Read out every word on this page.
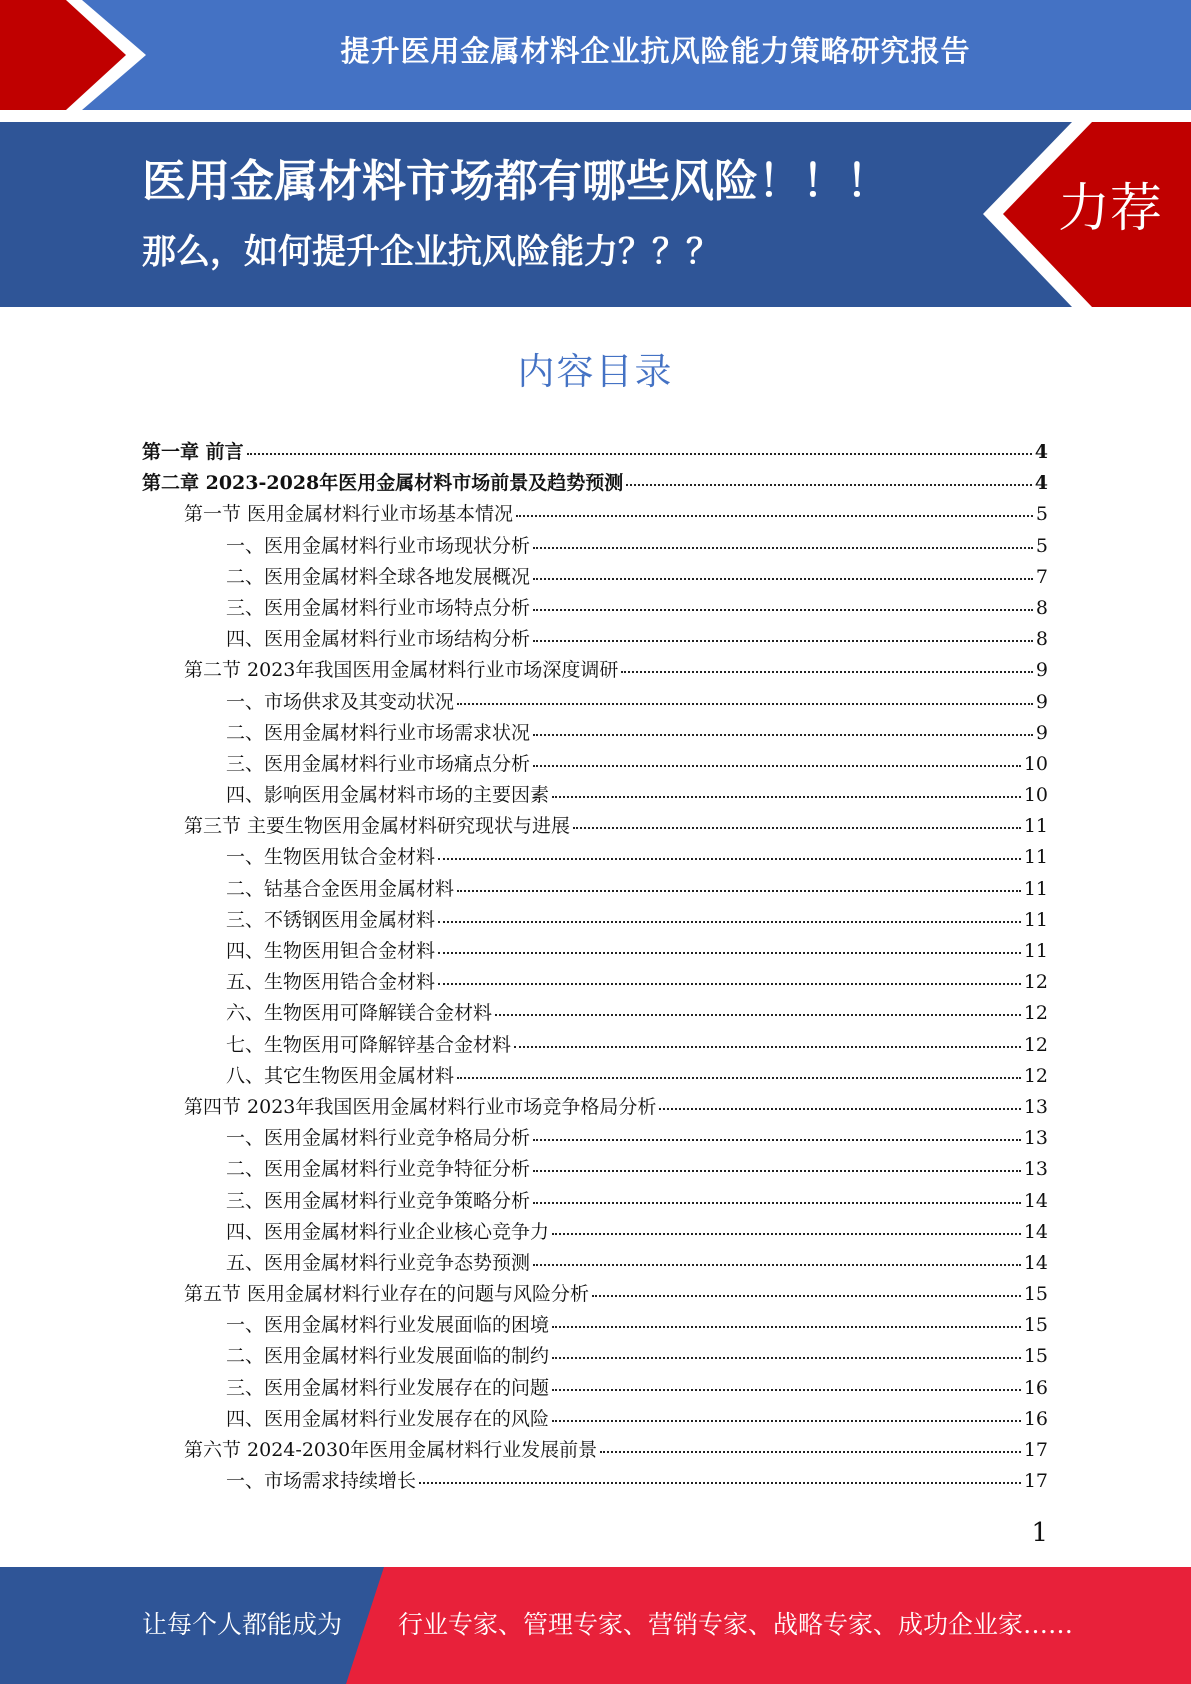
提升医用金属材料企业抗风险能力策略研究报告
医用金属材料市场都有哪些风险！！！
那么，如何提升企业抗风险能力？？？
力荐
内容目录
第一章 前言	4
第二章 2023-2028年医用金属材料市场前景及趋势预测	4
第一节 医用金属材料行业市场基本情况	5
一、医用金属材料行业市场现状分析	5
二、医用金属材料全球各地发展概况	7
三、医用金属材料行业市场特点分析	8
四、医用金属材料行业市场结构分析	8
第二节 2023年我国医用金属材料行业市场深度调研	9
一、市场供求及其变动状况	9
二、医用金属材料行业市场需求状况	9
三、医用金属材料行业市场痛点分析	10
四、影响医用金属材料市场的主要因素	10
第三节 主要生物医用金属材料研究现状与进展	11
一、生物医用钛合金材料	11
二、钴基合金医用金属材料	11
三、不锈钢医用金属材料	11
四、生物医用钽合金材料	11
五、生物医用锆合金材料	12
六、生物医用可降解镁合金材料	12
七、生物医用可降解锌基合金材料	12
八、其它生物医用金属材料	12
第四节 2023年我国医用金属材料行业市场竞争格局分析	13
一、医用金属材料行业竞争格局分析	13
二、医用金属材料行业竞争特征分析	13
三、医用金属材料行业竞争策略分析	14
四、医用金属材料行业企业核心竞争力	14
五、医用金属材料行业竞争态势预测	14
第五节 医用金属材料行业存在的问题与风险分析	15
一、医用金属材料行业发展面临的困境	15
二、医用金属材料行业发展面临的制约	15
三、医用金属材料行业发展存在的问题	16
四、医用金属材料行业发展存在的风险	16
第六节 2024-2030年医用金属材料行业发展前景	17
一、市场需求持续增长	17
1
让每个人都能成为 行业专家、管理专家、营销专家、战略专家、成功企业家……
